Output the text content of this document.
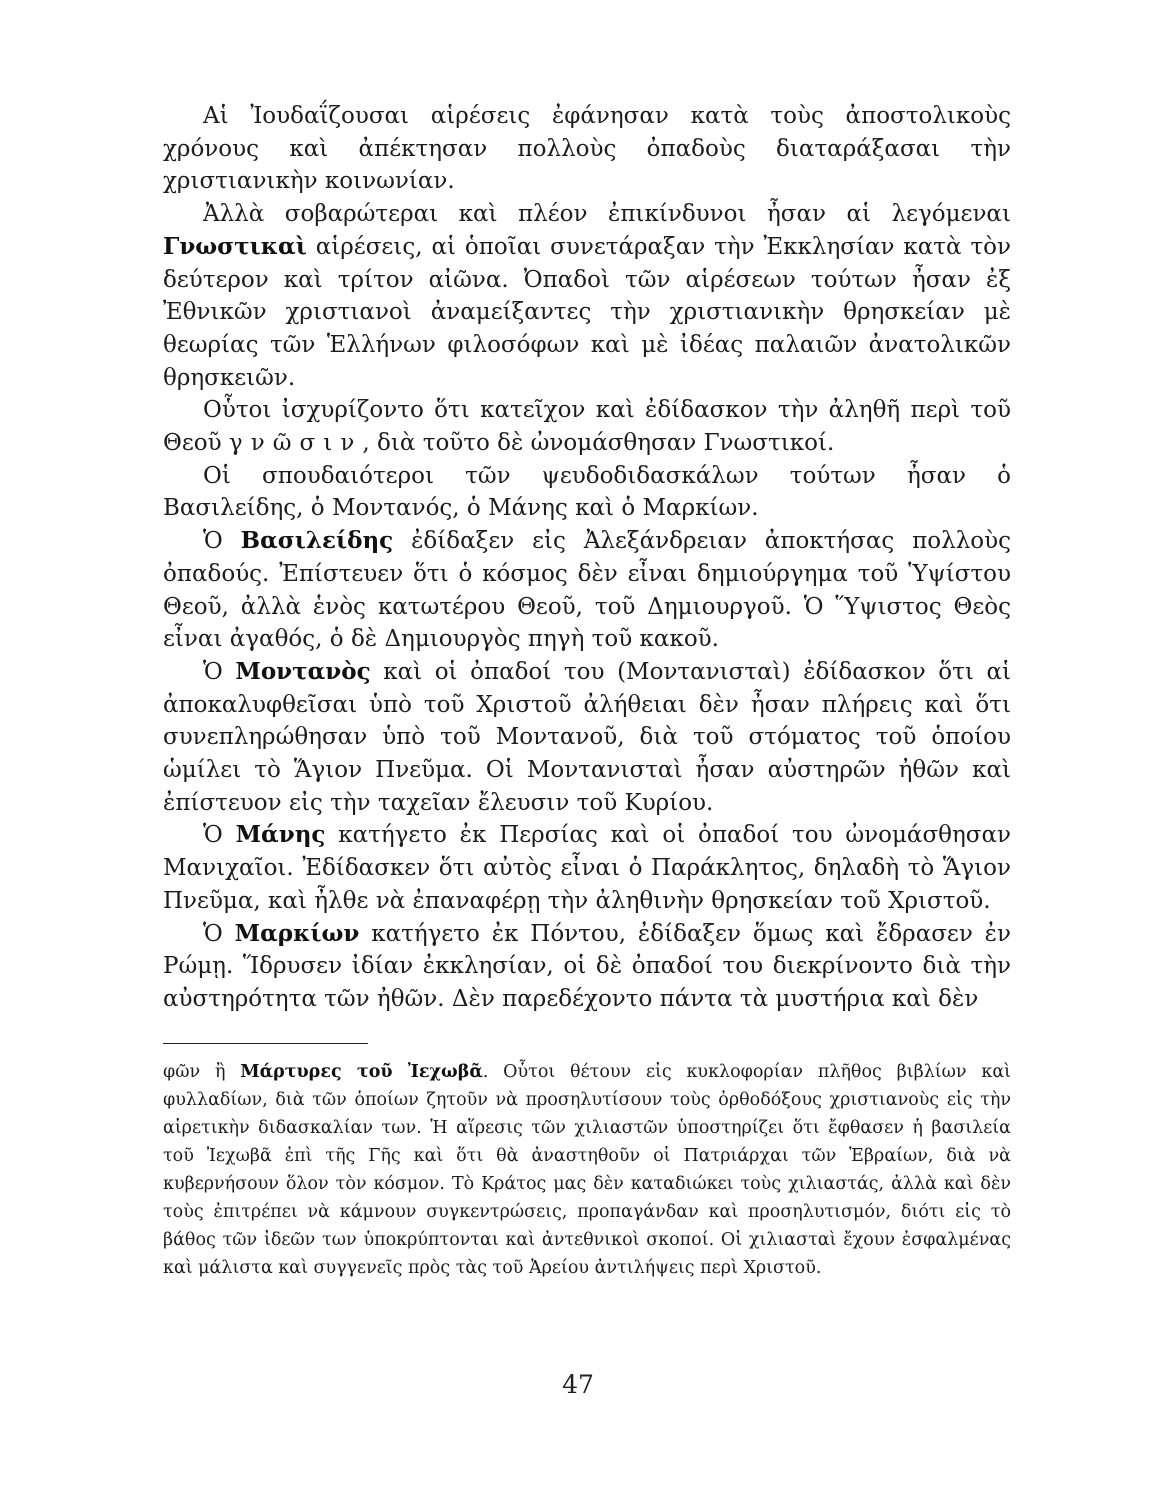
Αἱ Ἰουδαΐζουσαι αἱρέσεις ἐφάνησαν κατὰ τοὺς ἀποστολικοὺς χρόνους καὶ ἀπέκτησαν πολλοὺς ὀπαδοὺς διαταράξασαι τὴν χριστιανικὴν κοινωνίαν.

Ἀλλὰ σοβαρώτεραι καὶ πλέον ἐπικίνδυνοι ἦσαν αἱ λεγόμεναι Γνωστικαὶ αἱρέσεις, αἱ ὁποῖαι συνετάραξαν τὴν Ἐκκλησίαν κατὰ τὸν δεύτερον καὶ τρίτον αἰῶνα. Ὀπαδοὶ τῶν αἱρέσεων τούτων ἦσαν ἐξ Ἐθνικῶν χριστιανοὶ ἀναμείξαντες τὴν χριστιανικὴν θρησκείαν μὲ θεωρίας τῶν Ἑλλήνων φιλοσόφων καὶ μὲ ἰδέας παλαιῶν ἀνατολικῶν θρησκειῶν.

Οὗτοι ἰσχυρίζοντο ὅτι κατεῖχον καὶ ἐδίδασκον τὴν ἀληθῆ περὶ τοῦ Θεοῦ γνῶσιν, διὰ τοῦτο δὲ ὠνομάσθησαν Γνωστικοί.

Οἱ σπουδαιότεροι τῶν ψευδοδιδασκάλων τούτων ἦσαν ὁ Βασιλείδης, ὁ Μοντανός, ὁ Μάνης καὶ ὁ Μαρκίων.

Ὁ Βασιλείδης ἐδίδαξεν εἰς Ἀλεξάνδρειαν ἀποκτήσας πολλοὺς ὀπαδούς. Ἐπίστευεν ὅτι ὁ κόσμος δὲν εἶναι δημιούργημα τοῦ Ὑψίστου Θεοῦ, ἀλλὰ ἑνὸς κατωτέρου Θεοῦ, τοῦ Δημιουργοῦ. Ὁ Ὕψιστος Θεὸς εἶναι ἀγαθός, ὁ δὲ Δημιουργὸς πηγὴ τοῦ κακοῦ.

Ὁ Μοντανὸς καὶ οἱ ὀπαδοί του (Μοντανισταὶ) ἐδίδασκον ὅτι αἱ ἀποκαλυφθεῖσαι ὑπὸ τοῦ Χριστοῦ ἀλήθειαι δὲν ἦσαν πλήρεις καὶ ὅτι συνεπληρώθησαν ὑπὸ τοῦ Μοντανοῦ, διὰ τοῦ στόματος τοῦ ὁποίου ὡμίλει τὸ Ἅγιον Πνεῦμα. Οἱ Μοντανισταὶ ἦσαν αὐστηρῶν ἠθῶν καὶ ἐπίστευον εἰς τὴν ταχεῖαν ἔλευσιν τοῦ Κυρίου.

Ὁ Μάνης κατήγετο ἐκ Περσίας καὶ οἱ ὀπαδοί του ὠνομάσθησαν Μανιχαῖοι. Ἐδίδασκεν ὅτι αὐτὸς εἶναι ὁ Παράκλητος, δηλαδὴ τὸ Ἅγιον Πνεῦμα, καὶ ἦλθε νὰ ἐπαναφέρῃ τὴν ἀληθινὴν θρησκείαν τοῦ Χριστοῦ.

Ὁ Μαρκίων κατήγετο ἐκ Πόντου, ἐδίδαξεν ὅμως καὶ ἔδρασεν ἐν Ρώμῃ. Ἵδρυσεν ἰδίαν ἐκκλησίαν, οἱ δὲ ὀπαδοί του διεκρίνοντο διὰ τὴν αὐστηρότητα τῶν ἠθῶν. Δὲν παρεδέχοντο πάντα τὰ μυστήρια καὶ δὲν

φῶν ἢ Μάρτυρες τοῦ Ἰεχωβᾶ. Οὗτοι θέτουν εἰς κυκλοφορίαν πλῆθος βιβλίων καὶ φυλλαδίων, διὰ τῶν ὁποίων ζητοῦν νὰ προσηλυτίσουν τοὺς ὀρθοδόξους χριστιανοὺς εἰς τὴν αἱρετικὴν διδασκαλίαν των. Ἡ αἵρεσις τῶν χιλιαστῶν ὑποστηρίζει ὅτι ἔφθασεν ἡ βασιλεία τοῦ Ἰεχωβᾶ ἐπὶ τῆς Γῆς καὶ ὅτι θὰ ἀναστηθοῦν οἱ Πατριάρχαι τῶν Ἑβραίων, διὰ νὰ κυβερνήσουν ὅλον τὸν κόσμον. Τὸ Κράτος μας δὲν καταδιώκει τοὺς χιλιαστάς, ἀλλὰ καὶ δὲν τοὺς ἐπιτρέπει νὰ κάμνουν συγκεντρώσεις, προπαγάνδαν καὶ προσηλυτισμόν, διότι εἰς τὸ βάθος τῶν ἰδεῶν των ὑποκρύπτονται καὶ ἀντεθνικοὶ σκοποί. Οἱ χιλιασταὶ ἔχουν ἐσφαλμένας καὶ μάλιστα καὶ συγγενεῖς πρὸς τὰς τοῦ Ἀρείου ἀντιλήψεις περὶ Χριστοῦ.

47
